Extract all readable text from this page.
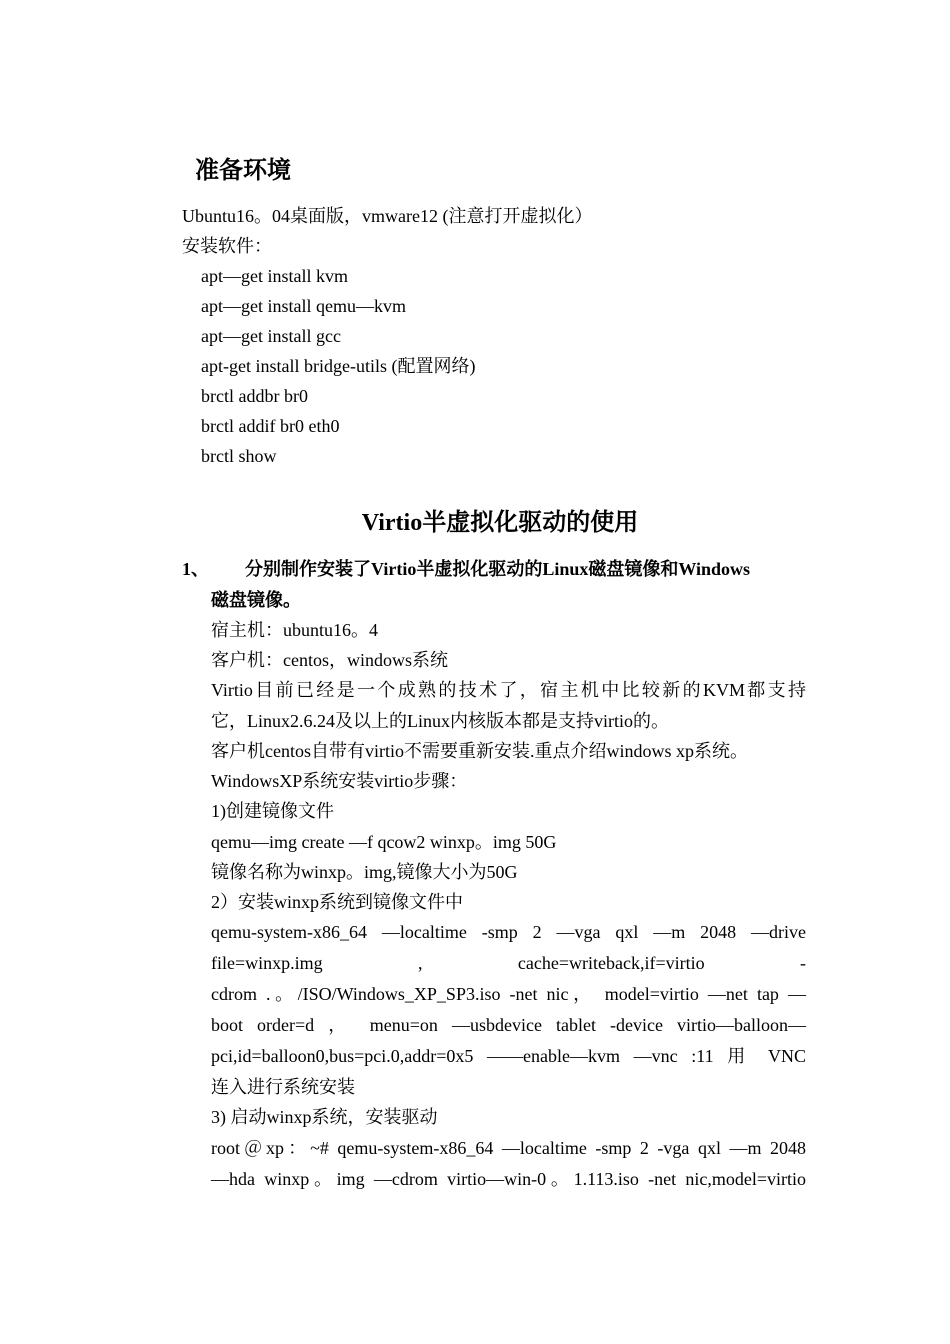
准备环境
Ubuntu16。04桌面版，vmware12 (注意打开虚拟化）
安装软件：
apt—get install kvm
apt—get install qemu—kvm
apt—get install gcc
apt-get install bridge-utils (配置网络)
brctl addbr br0
brctl addif br0 eth0
brctl show
Virtio半虚拟化驱动的使用
1、 分别制作安装了Virtio半虚拟化驱动的Linux磁盘镜像和Windows
磁盘镜像。
宿主机：ubuntu16。4
客户机：centos，windows系统
Virtio目前已经是一个成熟的技术了，宿主机中比较新的KVM都支持
它，Linux2.6.24及以上的Linux内核版本都是支持virtio的。
客户机centos自带有virtio不需要重新安装.重点介绍windows xp系统。
WindowsXP系统安装virtio步骤：
1)创建镜像文件
qemu—img create —f qcow2 winxp。img 50G
镜像名称为winxp。img,镜像大小为50G
2）安装winxp系统到镜像文件中
qemu-system-x86_64 —localtime -smp 2 —vga qxl —m 2048 —drive
file=winxp.img , cache=writeback,if=virtio -
cdrom .。/ISO/Windows_XP_SP3.iso -net nic， model=virtio —net tap —
boot order=d ， menu=on —usbdevice tablet -device virtio—balloon—
pci,id=balloon0,bus=pci.0,addr=0x5 ——enable—kvm —vnc :11 用 VNC
连入进行系统安装
3) 启动winxp系统，安装驱动
root＠xp：~# qemu-system-x86_64 —localtime -smp 2 -vga qxl —m 2048
—hda winxp。img —cdrom virtio—win-0。1.113.iso -net nic,model=virtio
